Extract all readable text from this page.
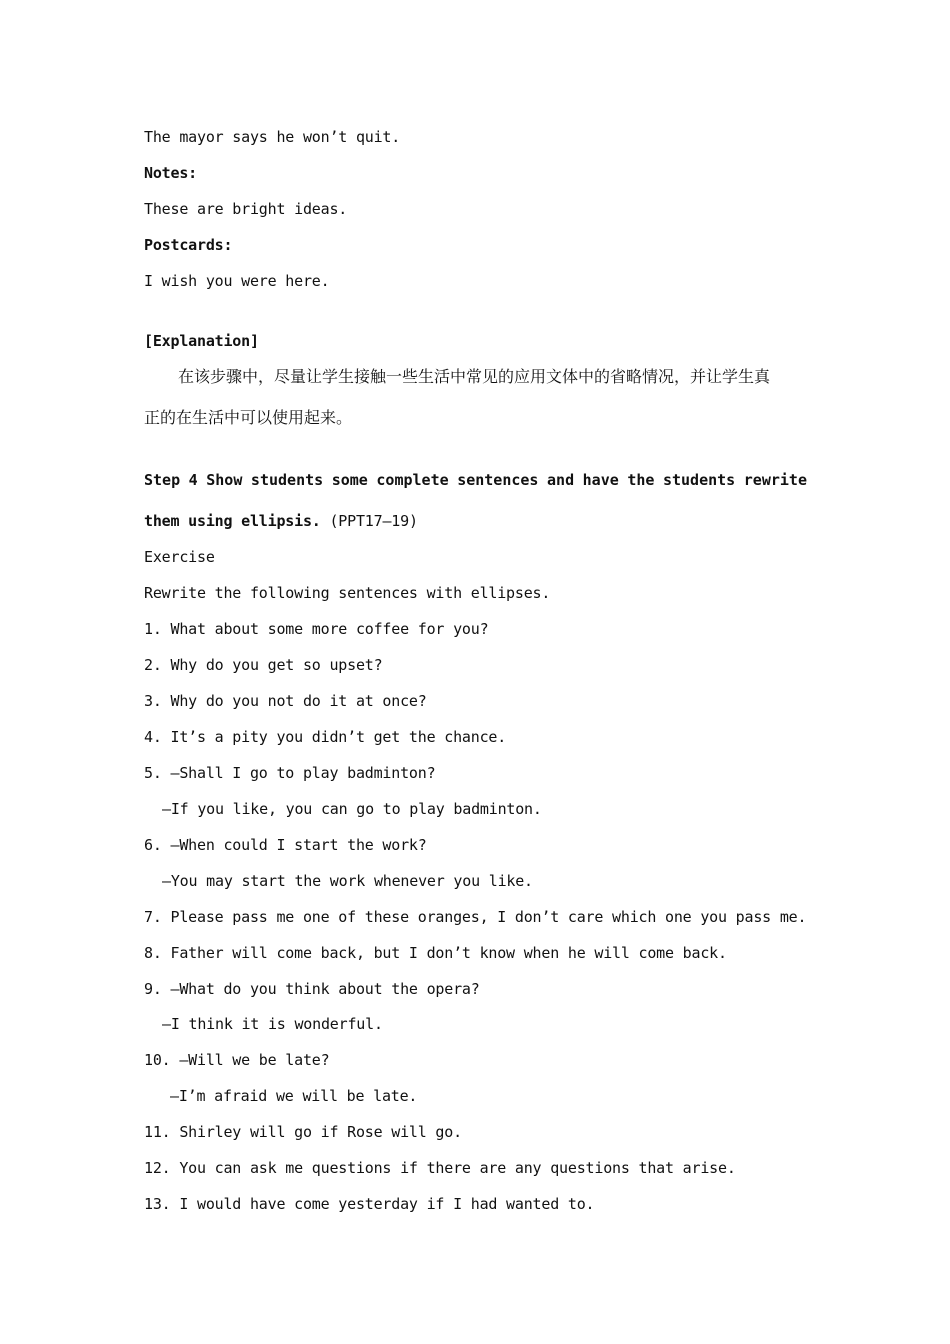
The mayor says he won’t quit.
Notes:
These are bright ideas.
Postcards:
I wish you were here.
[Explanation]
在该步骤中，尽量让学生接触一些生活中常见的应用文体中的省略情况，并让学生真
正的在生活中可以使用起来。
Step 4 Show students some complete sentences and have the students rewrite
them using ellipsis. (PPT17—19)
Exercise
Rewrite the following sentences with ellipses.
1. What about some more coffee for you?
2. Why do you get so upset?
3. Why do you not do it at once?
4. It’s a pity you didn’t get the chance.
5. —Shall I go to play badminton?
—If you like, you can go to play badminton.
6. —When could I start the work?
—You may start the work whenever you like.
7. Please pass me one of these oranges, I don’t care which one you pass me.
8. Father will come back, but I don’t know when he will come back.
9. —What do you think about the opera?
—I think it is wonderful.
10. —Will we be late?
—I’m afraid we will be late.
11. Shirley will go if Rose will go.
12. You can ask me questions if there are any questions that arise.
13. I would have come yesterday if I had wanted to.
